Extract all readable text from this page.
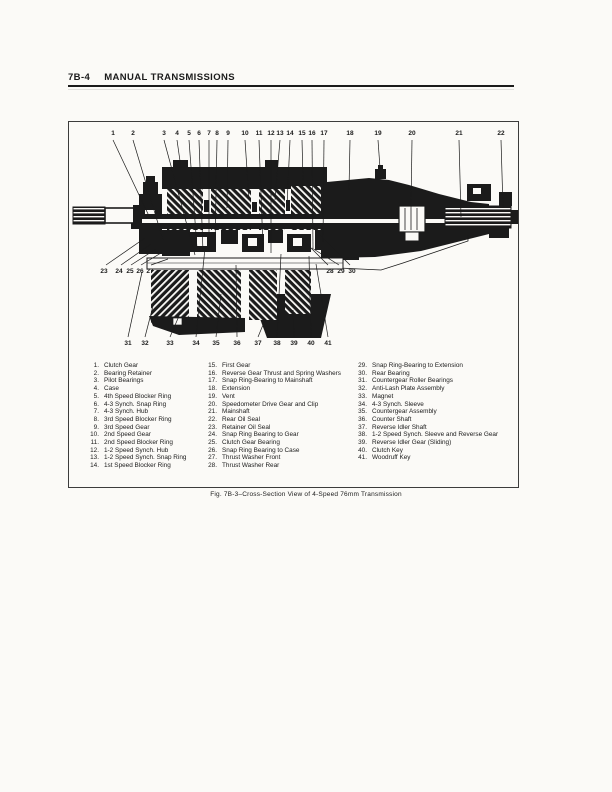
7B-4 MANUAL TRANSMISSIONS
1	2	3 4 5 6 7 8 9 10 11 12 13 14 15 16 17	18	19	20	21	22
23 24 25 26 27	28 29 30
31 32	33	34 35 36 37 38 39 40 41
1. Clutch Gear
2. Bearing Retainer
3. Pilot Bearings
4. Case
5. 4th Speed Blocker Ring
6. 4-3 Synch. Snap Ring
7. 4-3 Synch. Hub
8. 3rd Speed Blocker Ring
9. 3rd Speed Gear
10. 2nd Speed Gear
11. 2nd Speed Blocker Ring
12. 1-2 Speed Synch. Hub
13. 1-2 Speed Synch. Snap Ring
14. 1st Speed Blocker Ring
15. First Gear
16. Reverse Gear Thrust and Spring Washers
17. Snap Ring-Bearing to Mainshaft
18. Extension
19. Vent
20. Speedometer Drive Gear and Clip
21. Mainshaft
22. Rear Oil Seal
23. Retainer Oil Seal
24. Snap Ring Bearing to Gear
25. Clutch Gear Bearing
26. Snap Ring Bearing to Case
27. Thrust Washer Front
28. Thrust Washer Rear
29. Snap Ring-Bearing to Extension
30. Rear Bearing
31. Countergear Roller Bearings
32. Anti-Lash Plate Assembly
33. Magnet
34. 4-3 Synch. Sleeve
35. Countergear Assembly
36. Counter Shaft
37. Reverse Idler Shaft
38. 1-2 Speed Synch. Sleeve and Reverse Gear
39. Reverse Idler Gear (Sliding)
40. Clutch Key
41. Woodruff Key
Fig. 7B-3–Cross-Section View of 4-Speed 76mm Transmission
